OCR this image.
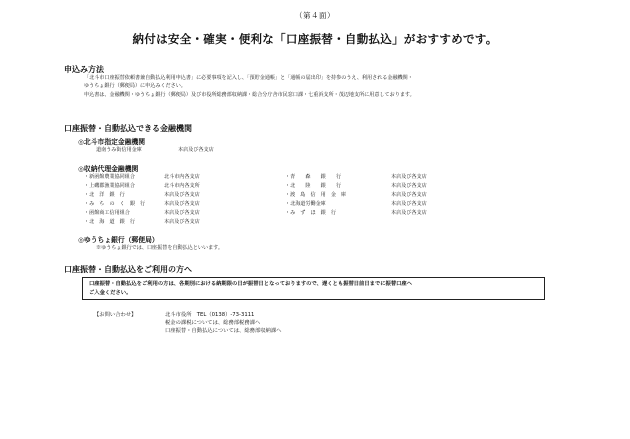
（第４面）
納付は安全・確実・便利な「口座振替・自動払込」がおすすめです。
申込み方法
「北斗市口座振替依頼書兼自動払込利用申込書」に必要事項を記入し、「預貯金通帳」と「通帳の届出印」を持参のうえ、利用される金融機関・
ゆうちょ銀行（郵便局）に申込みください。
申込書は、金融機関・ゆうちょ銀行（郵便局）及び市役所総務部収納課・総合分庁舎市民窓口課・七重浜支所・茂辺地支所に用意しております。
口座振替・自動払込できる金融機関
◎北斗市指定金融機関
道南うみ街信用金庫	本店及び各支店
◎収納代理金融機関
・新函館農業協同組合	北斗市内各支店
・上磯郡漁業協同組合	北斗市内各支所
・北　洋　銀　行	本店及び各支店
・み　ち　の　く　銀　行	本店及び各支店
・函館商工信用組合	本店及び各支店
・北　海　道　銀　行	本店及び各支店
・青　　森　　銀　　行	本店及び各支店
・北　　陸　　銀　　行	本店及び各支店
・渡　島　信　用　金　庫	本店及び各支店
・北海道労働金庫	本店及び各支店
・み　ず　ほ　銀　行	本店及び各支店
◎ゆうちょ銀行（郵便局）
※ゆうちょ銀行では、口座振替を自動払込といいます。
口座振替・自動払込をご利用の方へ
口座振替・自動払込をご利用の方は、各期別における納期限の日が振替日となっておりますので、遅くとも振替日前日までに振替口座へ
ご入金ください。
【お問い合わせ】	北斗市役所　TEL（0138）-73-3111
税金の課税については、総務部税務課へ
口座振替・自動払込については、総務部収納課へ
